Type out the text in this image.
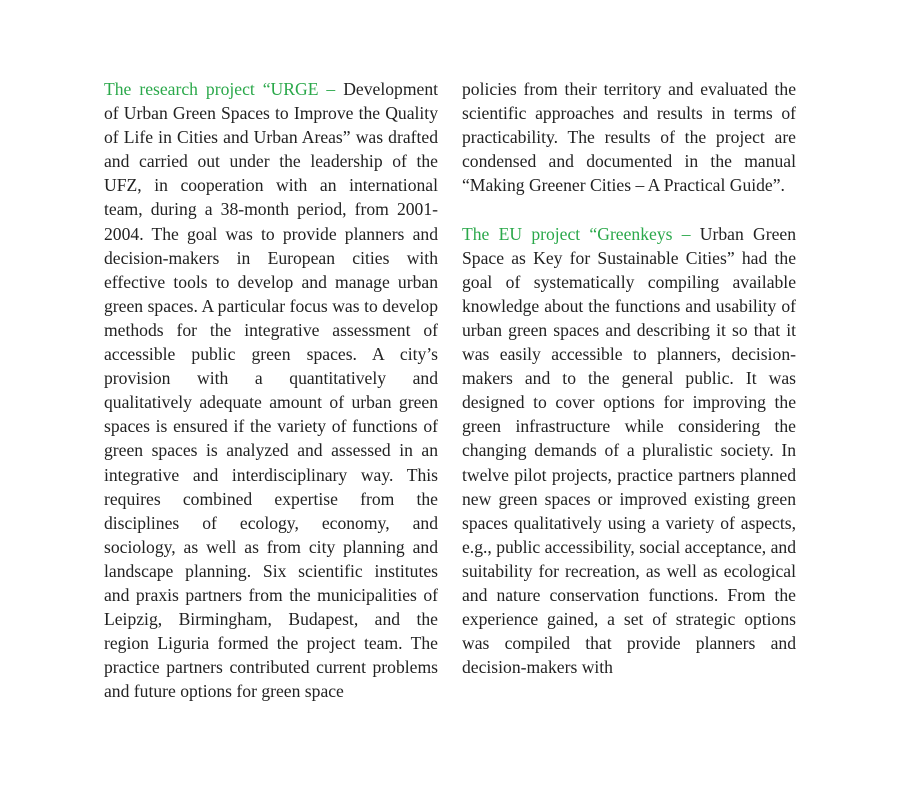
The research project “URGE – Development of Urban Green Spaces to Improve the Quality of Life in Cities and Urban Areas” was drafted and carried out under the leadership of the UFZ, in cooperation with an international team, during a 38-month period, from 2001-2004. The goal was to provide planners and decision-makers in European cities with effective tools to develop and manage urban green spaces. A particular focus was to develop methods for the integrative assessment of accessible public green spaces. A city’s provision with a quantitatively and qualitatively adequate amount of urban green spaces is ensured if the variety of functions of green spaces is analyzed and assessed in an integrative and interdisciplinary way. This requires combined expertise from the disciplines of ecology, economy, and sociology, as well as from city planning and landscape planning. Six scientific institutes and praxis partners from the municipalities of Leipzig, Birmingham, Budapest, and the region Liguria formed the project team. The practice partners contributed current problems and future options for green space

policies from their territory and evaluated the scientific approaches and results in terms of practicability. The results of the project are condensed and documented in the manual “Making Greener Cities – A Practical Guide”.

The EU project “Greenkeys – Urban Green Space as Key for Sustainable Cities” had the goal of systematically compiling available knowledge about the functions and usability of urban green spaces and describing it so that it was easily accessible to planners, decision-makers and to the general public. It was designed to cover options for improving the green infrastructure while considering the changing demands of a pluralistic society. In twelve pilot projects, practice partners planned new green spaces or improved existing green spaces qualitatively using a variety of aspects, e.g., public accessibility, social acceptance, and suitability for recreation, as well as ecological and nature conservation functions. From the experience gained, a set of strategic options was compiled that provide planners and decision-makers with
